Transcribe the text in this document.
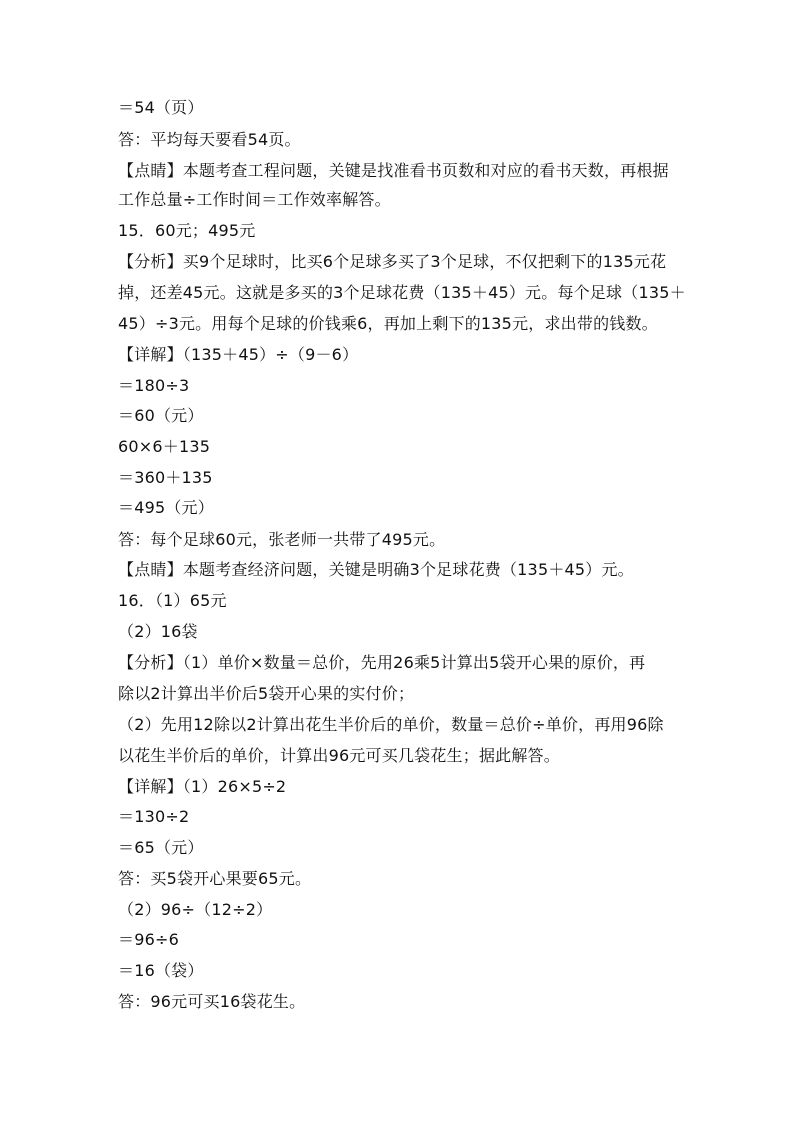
＝54（页）
答：平均每天要看54页。
【点睛】本题考查工程问题，关键是找准看书页数和对应的看书天数，再根据
工作总量÷工作时间＝工作效率解答。
15．60元；495元
【分析】买9个足球时，比买6个足球多买了3个足球，不仅把剩下的135元花
掉，还差45元。这就是多买的3个足球花费（135＋45）元。每个足球（135＋
45）÷3元。用每个足球的价钱乘6，再加上剩下的135元，求出带的钱数。
【详解】（135＋45）÷（9－6）
＝180÷3
＝60（元）
60×6＋135
＝360＋135
＝495（元）
答：每个足球60元，张老师一共带了495元。
【点睛】本题考查经济问题，关键是明确3个足球花费（135＋45）元。
16．（1）65元
（2）16袋
【分析】（1）单价×数量＝总价，先用26乘5计算出5袋开心果的原价，再
除以2计算出半价后5袋开心果的实付价；
（2）先用12除以2计算出花生半价后的单价，数量＝总价÷单价，再用96除
以花生半价后的单价，计算出96元可买几袋花生；据此解答。
【详解】（1）26×5÷2
＝130÷2
＝65（元）
答：买5袋开心果要65元。
（2）96÷（12÷2）
＝96÷6
＝16（袋）
答：96元可买16袋花生。
